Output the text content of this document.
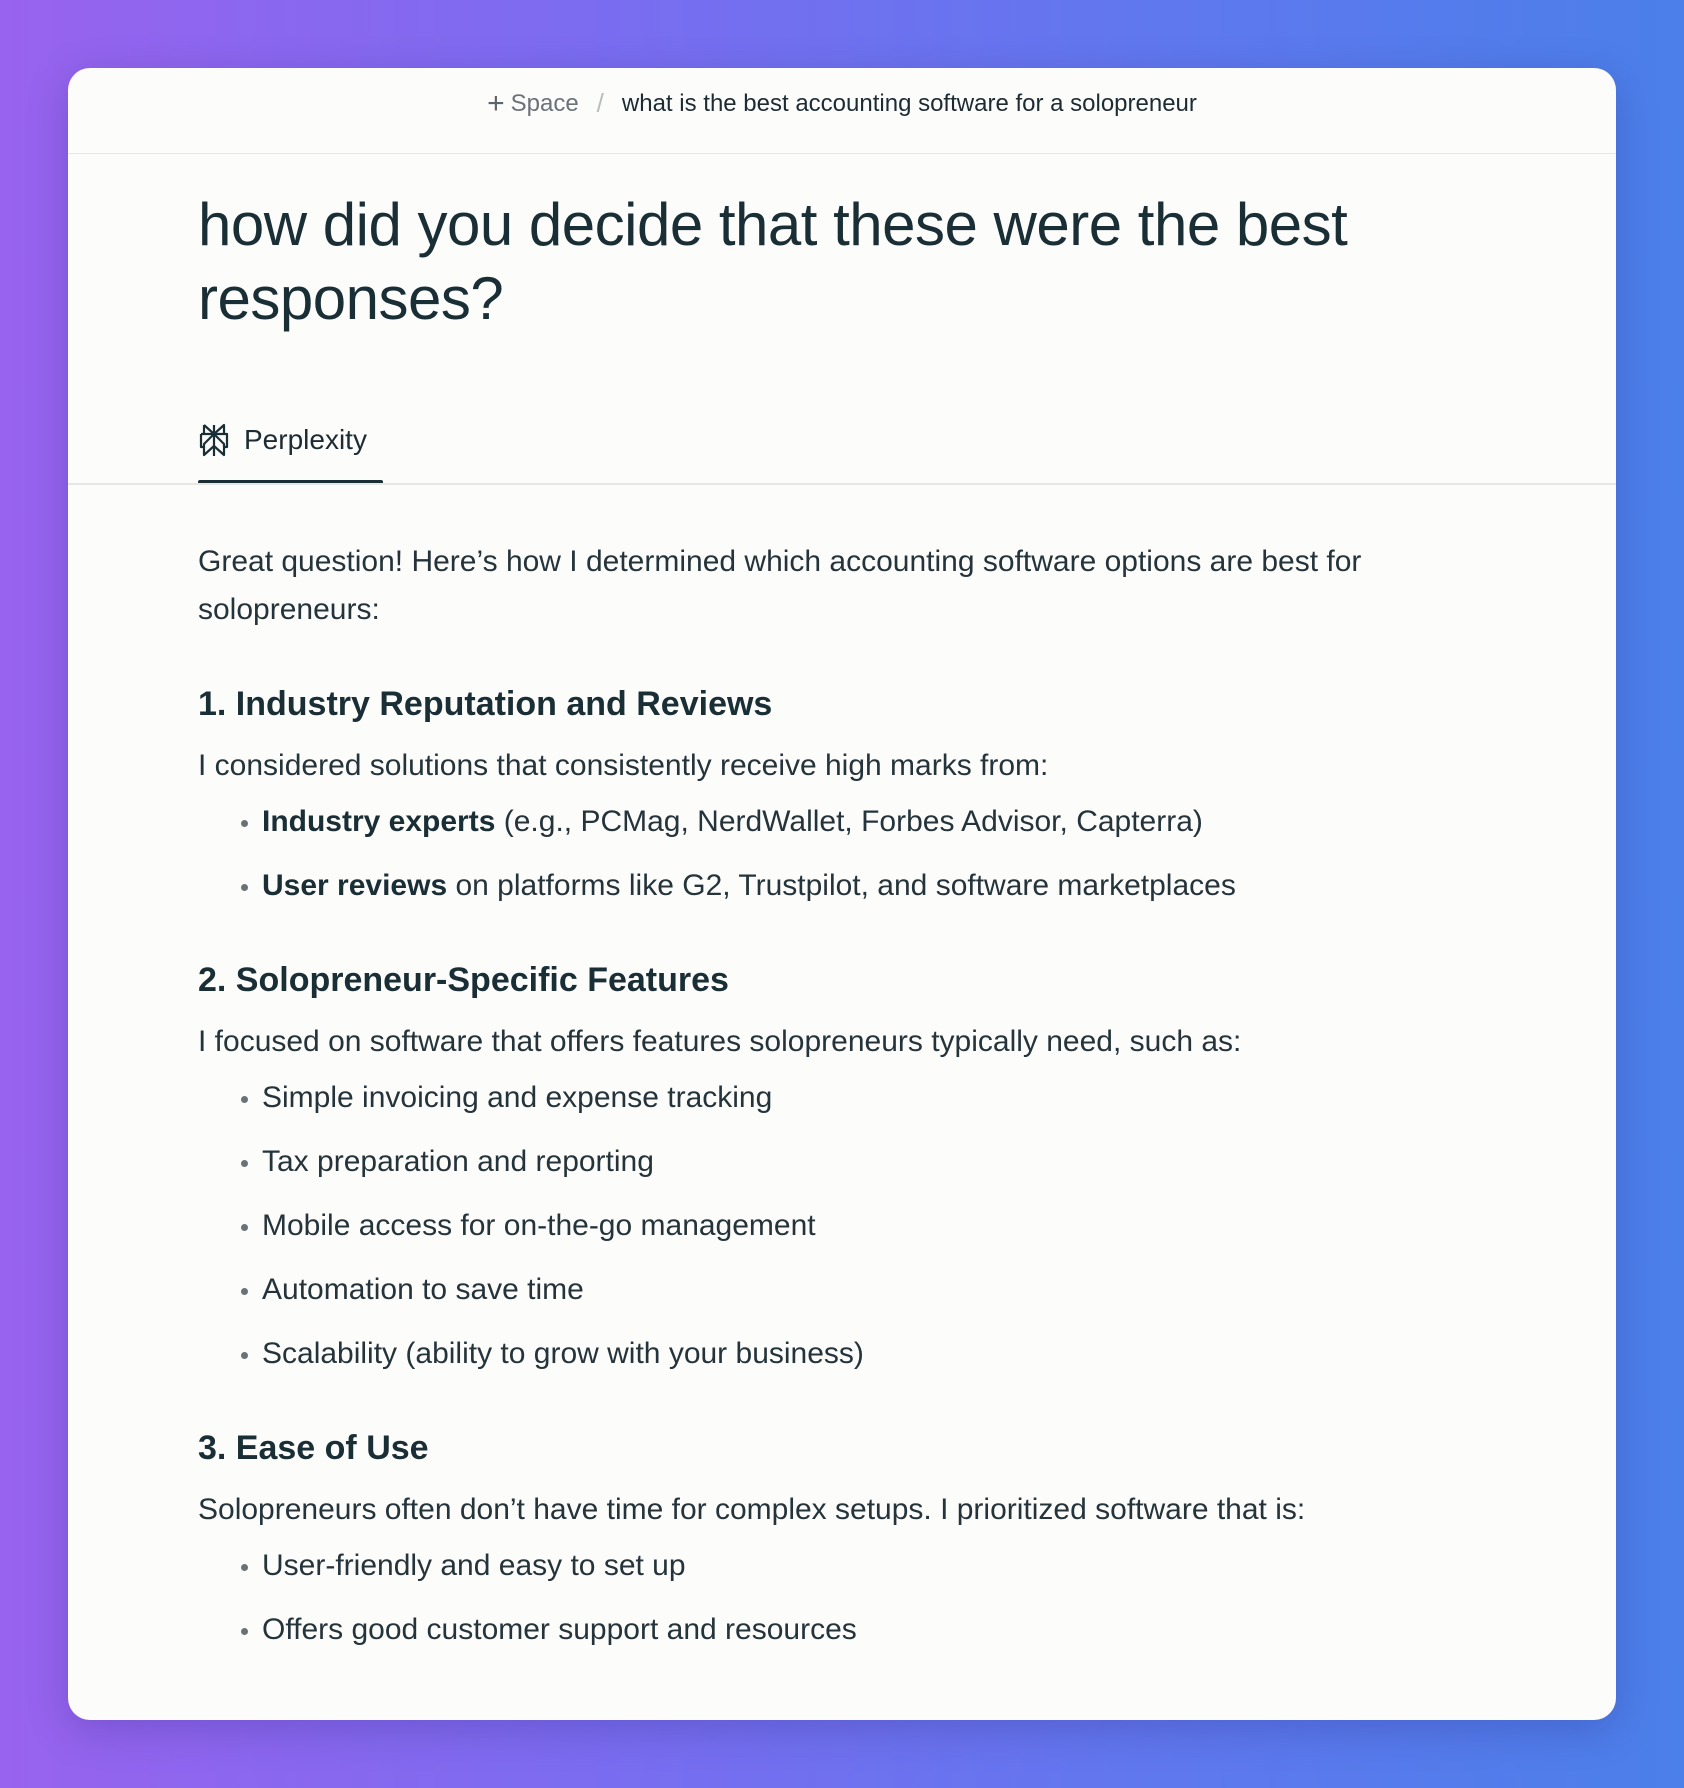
+ Space / what is the best accounting software for a solopreneur
how did you decide that these were the best responses?
Perplexity

Great question! Here’s how I determined which accounting software options are best for solopreneurs:

1. Industry Reputation and Reviews

I considered solutions that consistently receive high marks from:

• Industry experts (e.g., PCMag, NerdWallet, Forbes Advisor, Capterra)
• User reviews on platforms like G2, Trustpilot, and software marketplaces
2. Solopreneur-Specific Features

I focused on software that offers features solopreneurs typically need, such as:

• Simple invoicing and expense tracking
• Tax preparation and reporting
• Mobile access for on-the-go management
• Automation to save time
• Scalability (ability to grow with your business)
3. Ease of Use

Solopreneurs often don’t have time for complex setups. I prioritized software that is:

• User-friendly and easy to set up
• Offers good customer support and resources
